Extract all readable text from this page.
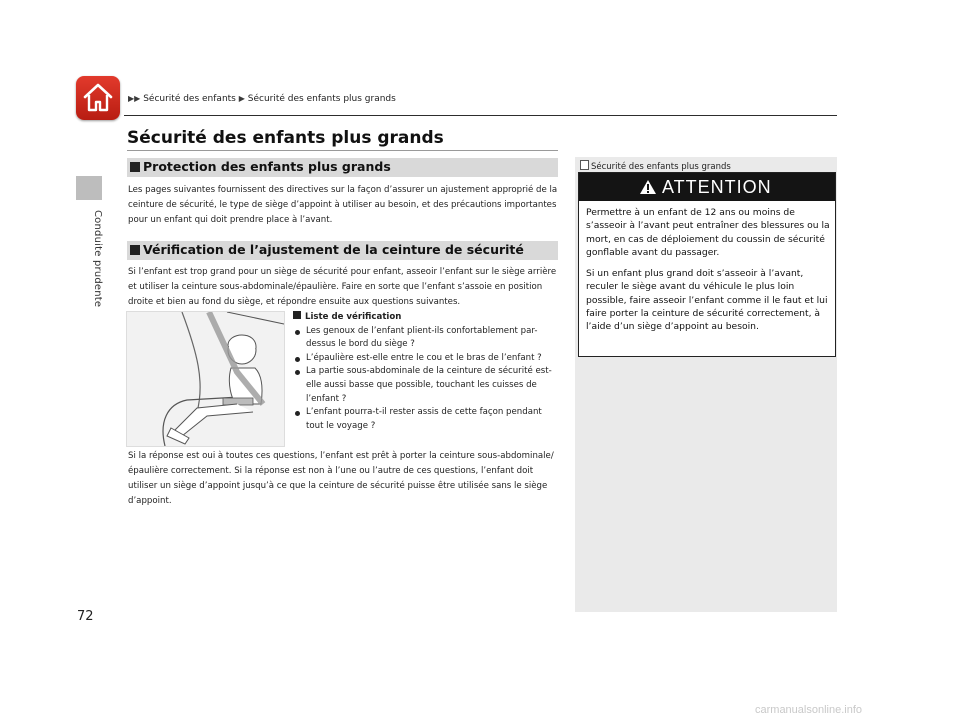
Conduite prudente
72
▶▶ Sécurité des enfants ▶ Sécurité des enfants plus grands
Sécurité des enfants plus grands
Protection des enfants plus grands

Les pages suivantes fournissent des directives sur la façon d’assurer un ajustement approprié de la ceinture de sécurité, le type de siège d’appoint à utiliser au besoin, et des précautions importantes pour un enfant qui doit prendre place à l’avant.

Vérification de l’ajustement de la ceinture de sécurité

Si l’enfant est trop grand pour un siège de sécurité pour enfant, asseoir l’enfant sur le siège arrière et utiliser la ceinture sous-abdominale/épaulière. Faire en sorte que l’enfant s’assoie en position droite et bien au fond du siège, et répondre ensuite aux questions suivantes.

Liste de vérification
Les genoux de l’enfant plient-ils confortablement par-dessus le bord du siège ?
L’épaulière est-elle entre le cou et le bras de l’enfant ?
La partie sous-abdominale de la ceinture de sécurité est-elle aussi basse que possible, touchant les cuisses de l’enfant ?
L’enfant pourra-t-il rester assis de cette façon pendant tout le voyage ?

Si la réponse est oui à toutes ces questions, l’enfant est prêt à porter la ceinture sous-abdominale/épaulière correctement. Si la réponse est non à l’une ou l’autre de ces questions, l’enfant doit utiliser un siège d’appoint jusqu’à ce que la ceinture de sécurité puisse être utilisée sans le siège d’appoint.

Sécurité des enfants plus grands
ATTENTION

Permettre à un enfant de 12 ans ou moins de s’asseoir à l’avant peut entraîner des blessures ou la mort, en cas de déploiement du coussin de sécurité gonflable avant du passager.

Si un enfant plus grand doit s’asseoir à l’avant, reculer le siège avant du véhicule le plus loin possible, faire asseoir l’enfant comme il le faut et lui faire porter la ceinture de sécurité correctement, à l’aide d’un siège d’appoint au besoin.

carmanualsonline.info
